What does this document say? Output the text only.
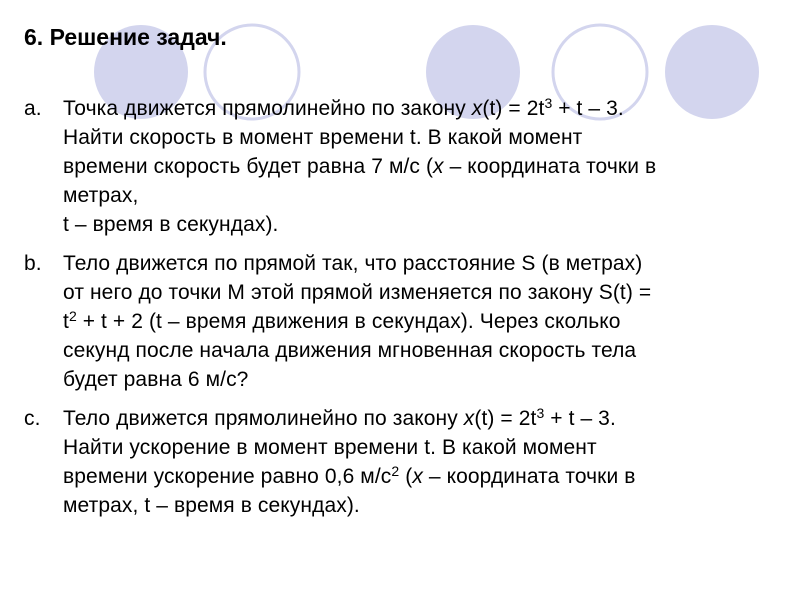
6. Решение задач.
a. Точка движется прямолинейно по закону $x(t) = 2t^3 + t - 3$.
Найти скорость в момент времени t. В какой момент
времени скорость будет равна 7 м/с (x – координата точки в
метрах,
t – время в секундах).
b. Тело движется по прямой так, что расстояние S (в метрах)
от него до точки М этой прямой изменяется по закону S(t) =
$t^2 + t + 2$ (t – время движения в секундах). Через сколько
секунд после начала движения мгновенная скорость тела
будет равна 6 м/с?
c. Тело движется прямолинейно по закону $x(t) = 2t^3 + t - 3$.
Найти ускорение в момент времени t. В какой момент
времени ускорение равно 0,6 $м/с^2$ (x – координата точки в
метрах, t – время в секундах).
